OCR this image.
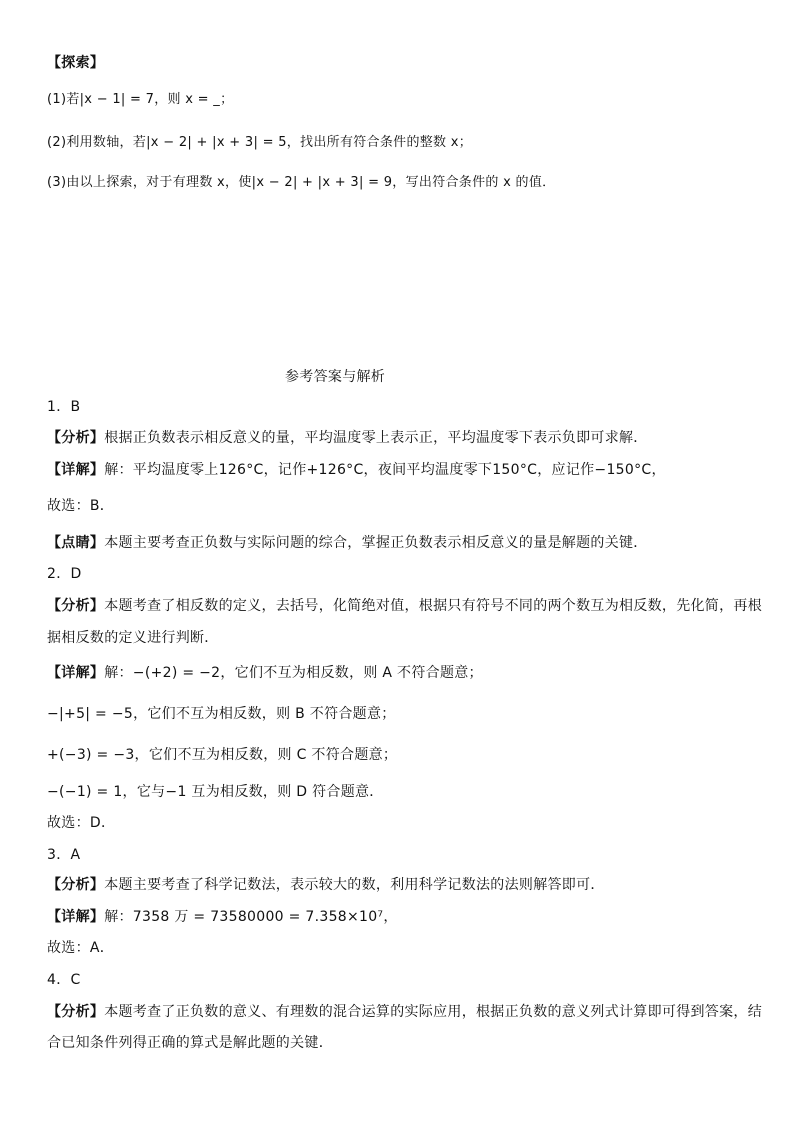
【探索】
(1)若|x − 1| = 7，则 x = _；
(2)利用数轴，若|x − 2| + |x + 3| = 5，找出所有符合条件的整数 x；
(3)由以上探索，对于有理数 x，使|x − 2| + |x + 3| = 9，写出符合条件的 x 的值．
参考答案与解析
1．B
【分析】根据正负数表示相反意义的量，平均温度零上表示正，平均温度零下表示负即可求解．
【详解】解：平均温度零上126°C，记作+126°C，夜间平均温度零下150°C，应记作−150°C，
故选：B．
【点睛】本题主要考查正负数与实际问题的综合，掌握正负数表示相反意义的量是解题的关键．
2．D
【分析】本题考查了相反数的定义，去括号，化简绝对值，根据只有符号不同的两个数互为相反数，先化简，再根
据相反数的定义进行判断．
【详解】解：−(+2) = −2，它们不互为相反数，则 A 不符合题意；
−|+5| = −5，它们不互为相反数，则 B 不符合题意；
+(−3) = −3，它们不互为相反数，则 C 不符合题意；
−(−1) = 1，它与−1 互为相反数，则 D 符合题意．
故选：D．
3．A
【分析】本题主要考查了科学记数法，表示较大的数，利用科学记数法的法则解答即可．
【详解】解：7358 万 = 73580000 = 7.358×10⁷，
故选：A．
4．C
【分析】本题考查了正负数的意义、有理数的混合运算的实际应用，根据正负数的意义列式计算即可得到答案，结
合已知条件列得正确的算式是解此题的关键．
